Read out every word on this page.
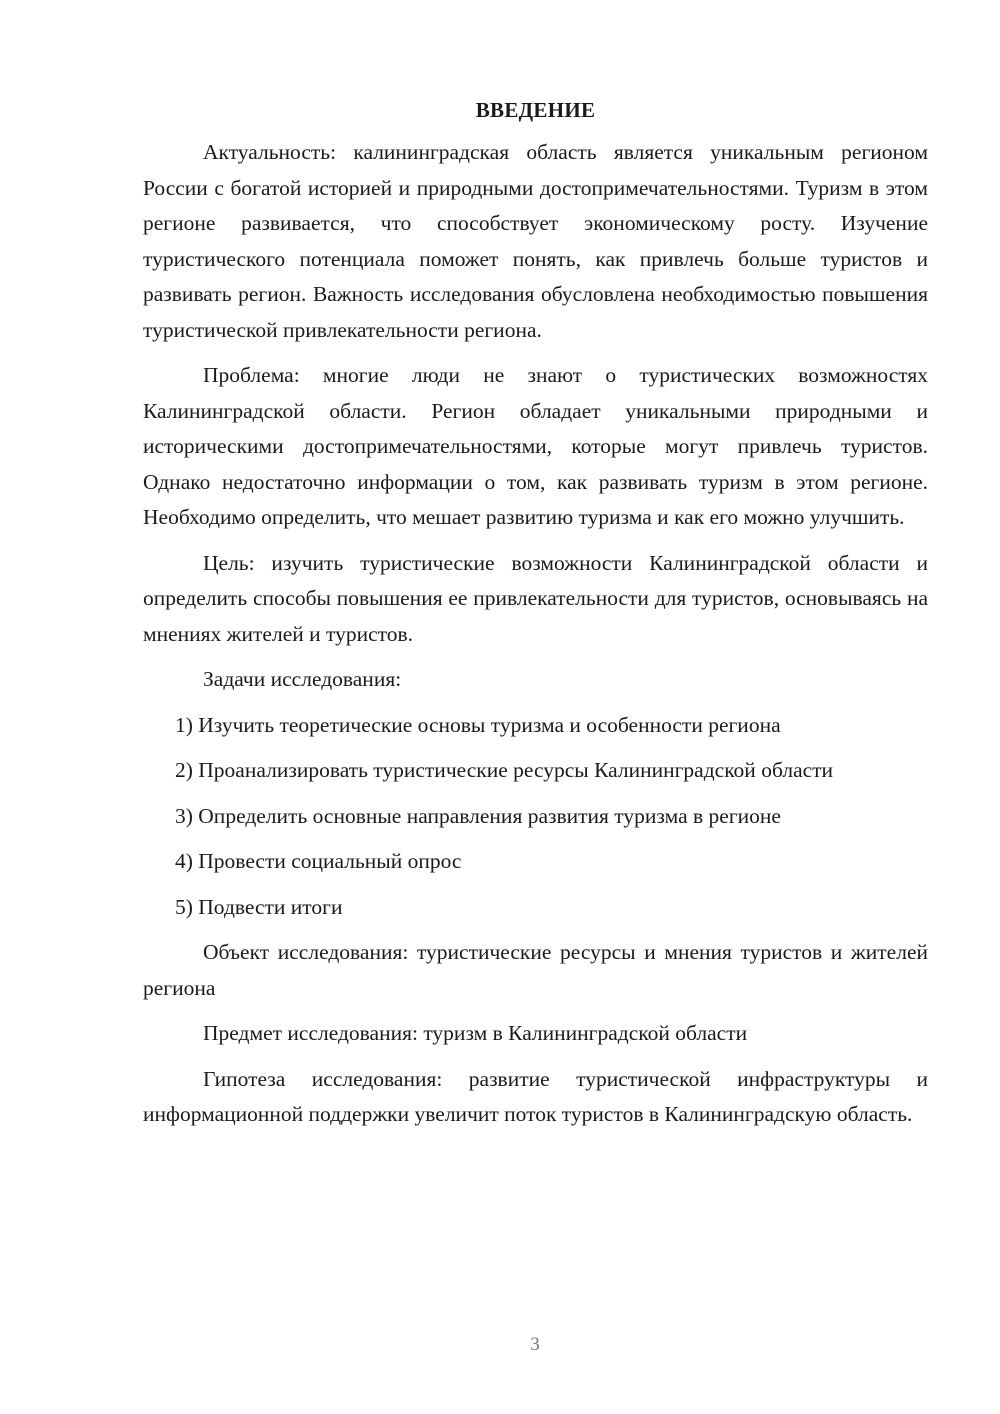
ВВЕДЕНИЕ

Актуальность: калининградская область является уникальным регионом России с богатой историей и природными достопримечательностями. Туризм в этом регионе развивается, что способствует экономическому росту. Изучение туристического потенциала поможет понять, как привлечь больше туристов и развивать регион. Важность исследования обусловлена необходимостью повышения туристической привлекательности региона.

Проблема: многие люди не знают о туристических возможностях Калининградской области. Регион обладает уникальными природными и историческими достопримечательностями, которые могут привлечь туристов. Однако недостаточно информации о том, как развивать туризм в этом регионе. Необходимо определить, что мешает развитию туризма и как его можно улучшить.

Цель: изучить туристические возможности Калининградской области и определить способы повышения ее привлекательности для туристов, основываясь на мнениях жителей и туристов.

Задачи исследования:

1) Изучить теоретические основы туризма и особенности региона

2) Проанализировать туристические ресурсы Калининградской области

3) Определить основные направления развития туризма в регионе

4) Провести социальный опрос

5) Подвести итоги

Объект исследования: туристические ресурсы и мнения туристов и жителей региона

Предмет исследования: туризм в Калининградской области

Гипотеза исследования: развитие туристической инфраструктуры и информационной поддержки увеличит поток туристов в Калининградскую область.

3
